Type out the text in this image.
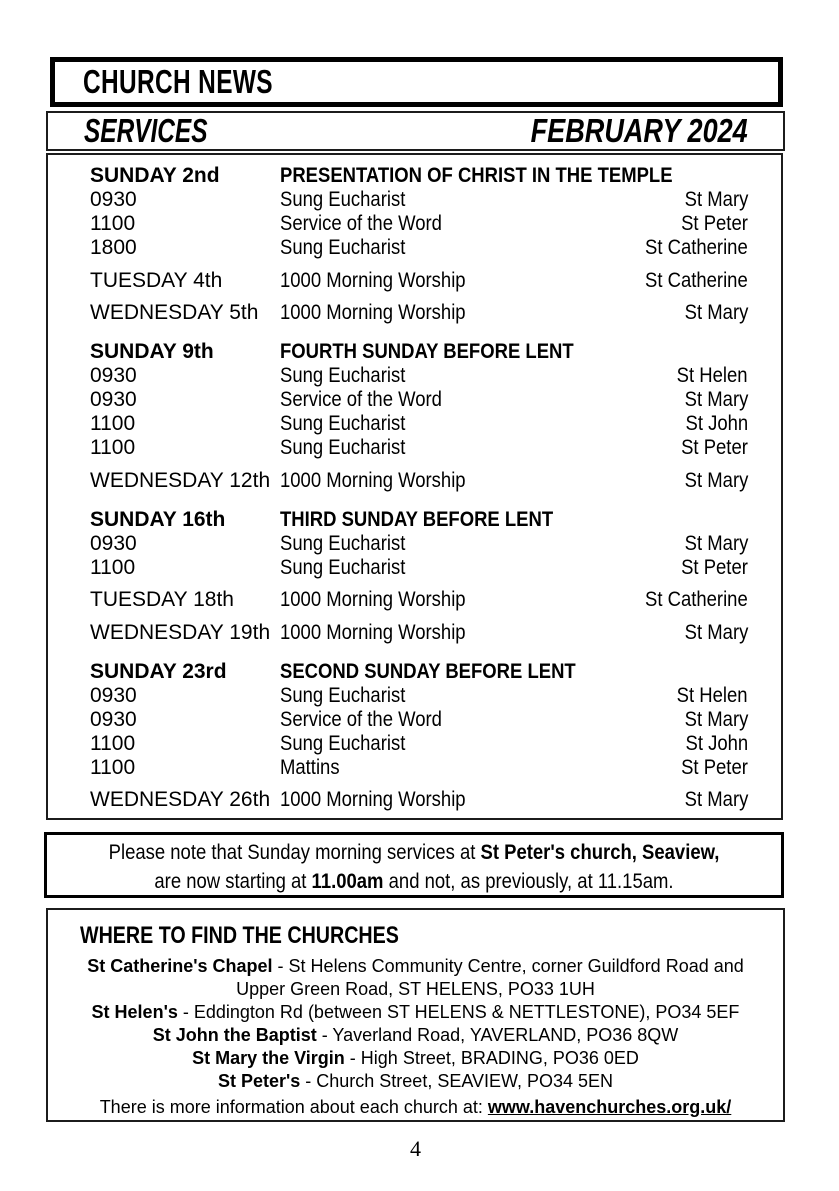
CHURCH NEWS
SERVICES	FEBRUARY 2024
SUNDAY 2nd	PRESENTATION OF CHRIST IN THE TEMPLE
0930	Sung Eucharist	St Mary
1100	Service of the Word	St Peter
1800	Sung Eucharist	St Catherine
TUESDAY 4th	1000 Morning Worship	St Catherine
WEDNESDAY 5th	1000 Morning Worship	St Mary
SUNDAY 9th	FOURTH SUNDAY BEFORE LENT
0930	Sung Eucharist	St Helen
0930	Service of the Word	St Mary
1100	Sung Eucharist	St John
1100	Sung Eucharist	St Peter
WEDNESDAY 12th 1000 Morning Worship	St Mary
SUNDAY 16th	THIRD SUNDAY BEFORE LENT
0930	Sung Eucharist	St Mary
1100	Sung Eucharist	St Peter
TUESDAY 18th	1000 Morning Worship	St Catherine
WEDNESDAY 19th 1000 Morning Worship	St Mary
SUNDAY 23rd	SECOND SUNDAY BEFORE LENT
0930	Sung Eucharist	St Helen
0930	Service of the Word	St Mary
1100	Sung Eucharist	St John
1100	Mattins	St Peter
WEDNESDAY 26th 1000 Morning Worship	St Mary
Please note that Sunday morning services at St Peter's church, Seaview,
are now starting at 11.00am and not, as previously, at 11.15am.
WHERE TO FIND THE CHURCHES
St Catherine's Chapel - St Helens Community Centre, corner Guildford Road and Upper Green Road, ST HELENS, PO33 1UH
St Helen's - Eddington Rd (between ST HELENS & NETTLESTONE), PO34 5EF
St John the Baptist - Yaverland Road, YAVERLAND, PO36 8QW
St Mary the Virgin - High Street, BRADING, PO36 0ED
St Peter's - Church Street, SEAVIEW, PO34 5EN
There is more information about each church at: www.havenchurches.org.uk/
4
